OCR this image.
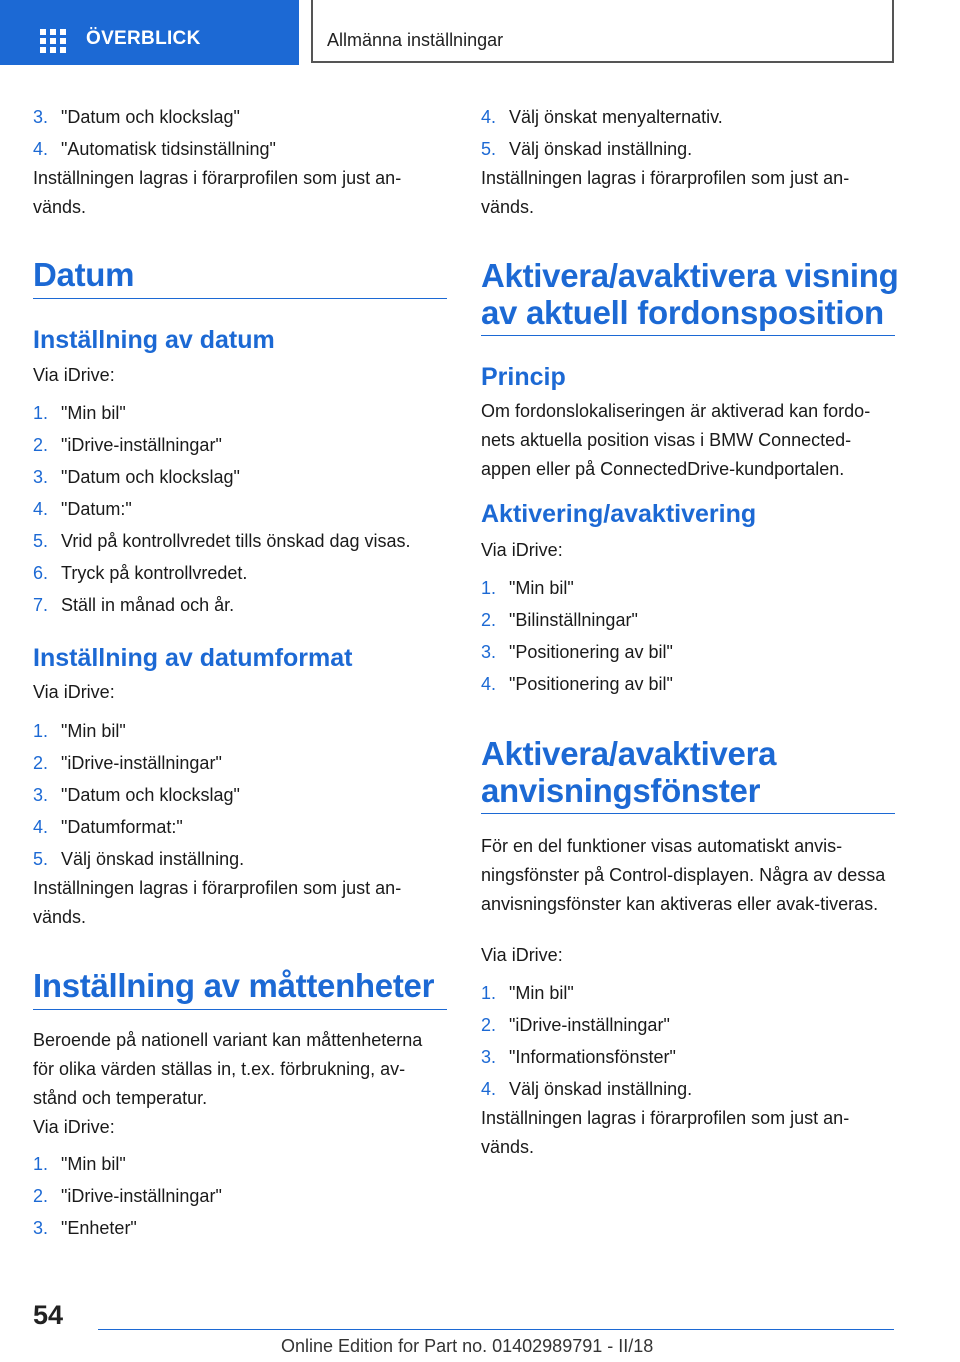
ÖVERBLICK	Allmänna inställningar
3. "Datum och klockslag"
4. "Automatisk tidsinställning"
Inställningen lagras i förarprofilen som just an-vänds.
Datum
Inställning av datum
Via iDrive:
1. "Min bil"
2. "iDrive-inställningar"
3. "Datum och klockslag"
4. "Datum:"
5. Vrid på kontrollvredet tills önskad dag visas.
6. Tryck på kontrollvredet.
7. Ställ in månad och år.
Inställning av datumformat
Via iDrive:
1. "Min bil"
2. "iDrive-inställningar"
3. "Datum och klockslag"
4. "Datumformat:"
5. Välj önskad inställning.
Inställningen lagras i förarprofilen som just an-vänds.
Inställning av måttenheter
Beroende på nationell variant kan måttenheterna för olika värden ställas in, t.ex. förbrukning, av-stånd och temperatur.
Via iDrive:
1. "Min bil"
2. "iDrive-inställningar"
3. "Enheter"
4. Välj önskat menyalternativ.
5. Välj önskad inställning.
Inställningen lagras i förarprofilen som just an-vänds.
Aktivera/avaktivera visning
av aktuell fordonsposition
Princip
Om fordonslokaliseringen är aktiverad kan fordo-nets aktuella position visas i BMW Connected-appen eller på ConnectedDrive-kundportalen.
Aktivering/avaktivering
Via iDrive:
1. "Min bil"
2. "Bilinställningar"
3. "Positionering av bil"
4. "Positionering av bil"
Aktivera/avaktivera
anvisningsfönster
För en del funktioner visas automatiskt anvis-ningsfönster på Control-displayen. Några av dessa anvisningsfönster kan aktiveras eller avak-tiveras.
Via iDrive:
1. "Min bil"
2. "iDrive-inställningar"
3. "Informationsfönster"
4. Välj önskad inställning.
Inställningen lagras i förarprofilen som just an-vänds.
54
Online Edition for Part no. 01402989791 - II/18
